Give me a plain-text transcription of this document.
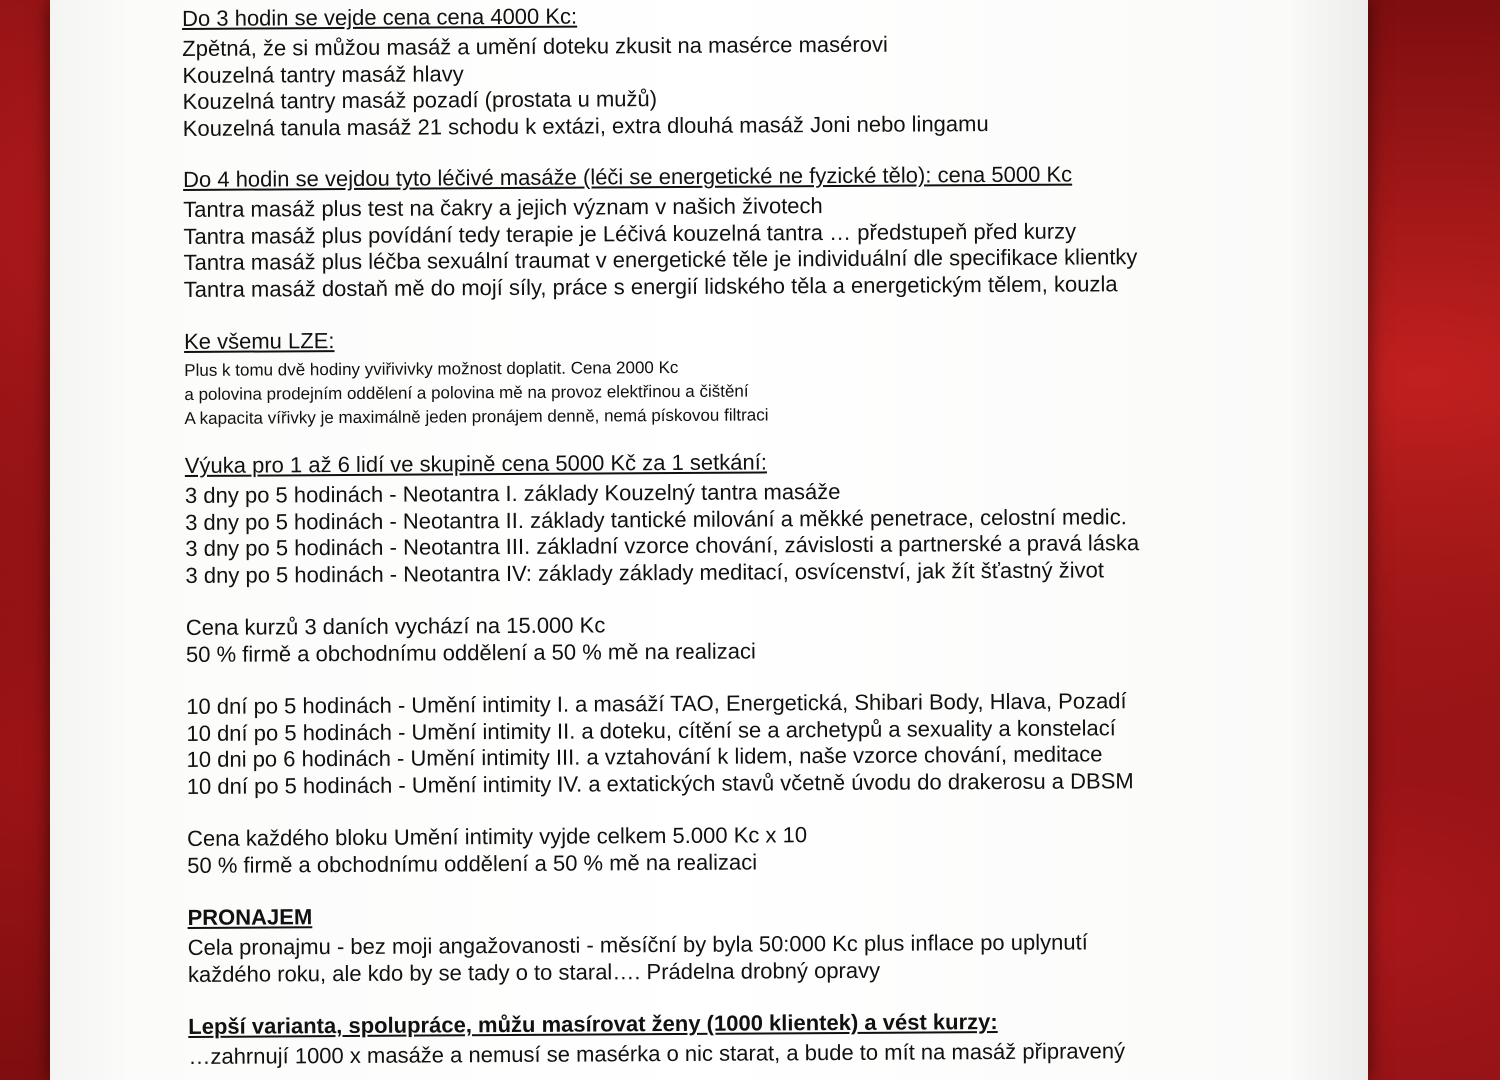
Do 3 hodin se vejde cena cena 4000 Kc:

Zpětná, že si můžou masáž a umění doteku zkusit na masérce masérovi

Kouzelná tantry masáž hlavy

Kouzelná tantry masáž pozadí (prostata u mužů)

Kouzelná tanula masáž 21 schodu k extázi, extra dlouhá masáž Joni nebo lingamu

Do 4 hodin se vejdou tyto léčivé masáže (léči se energetické ne fyzické tělo): cena 5000 Kc

Tantra masáž plus test na čakry a jejich význam v našich životech

Tantra masáž plus povídání tedy terapie je Léčivá kouzelná tantra … předstupeň před kurzy

Tantra masáž plus léčba sexuální traumat v energetické těle je individuální dle specifikace klientky

Tantra masáž dostaň mě do mojí síly, práce s energií lidského těla a energetickým tělem, kouzla

Ke všemu LZE:

Plus k tomu dvě hodiny yviřivivky možnost doplatit. Cena 2000 Kc

a polovina prodejním oddělení a polovina mě na provoz elektřinou a čištění

A kapacita vířivky je maximálně jeden pronájem denně, nemá pískovou filtraci

Výuka pro 1 až 6 lidí ve skupině cena 5000 Kč za 1 setkání:

3 dny po 5 hodinách - Neotantra I. základy Kouzelný tantra masáže

3 dny po 5 hodinách - Neotantra II. základy tantické milování a měkké penetrace, celostní medic.

3 dny po 5 hodinách - Neotantra III. základní vzorce chování, závislosti a partnerské a pravá láska

3 dny po 5 hodinách - Neotantra IV: základy základy meditací, osvícenství, jak žít šťastný život

Cena kurzů 3 daních vychází na 15.000 Kc

50 % firmě a obchodnímu oddělení a 50 % mě na realizaci

10 dní po 5 hodinách - Umění intimity I. a masáží TAO, Energetická, Shibari Body, Hlava, Pozadí

10 dní po 5 hodinách - Umění intimity II. a doteku, cítění se a archetypů a sexuality a konstelací

10 dni po 6 hodinách - Umění intimity III. a vztahování k lidem, naše vzorce chování, meditace

10 dní po 5 hodinách - Umění intimity IV. a extatických stavů včetně úvodu do drakerosu a DBSM

Cena každého bloku Umění intimity vyjde celkem 5.000 Kc x 10

50 % firmě a obchodnímu oddělení a 50 % mě na realizaci

PRONAJEM

Cela pronajmu - bez moji angažovanosti - měsíční by byla 50:000 Kc plus inflace po uplynutí

každého roku, ale kdo by se tady o to staral…. Prádelna drobný opravy

Lepší varianta, spolupráce, můžu masírovat ženy (1000 klientek) a vést kurzy:

…zahrnují 1000 x masáže a nemusí se masérka o nic starat, a bude to mít na masáž připravený
